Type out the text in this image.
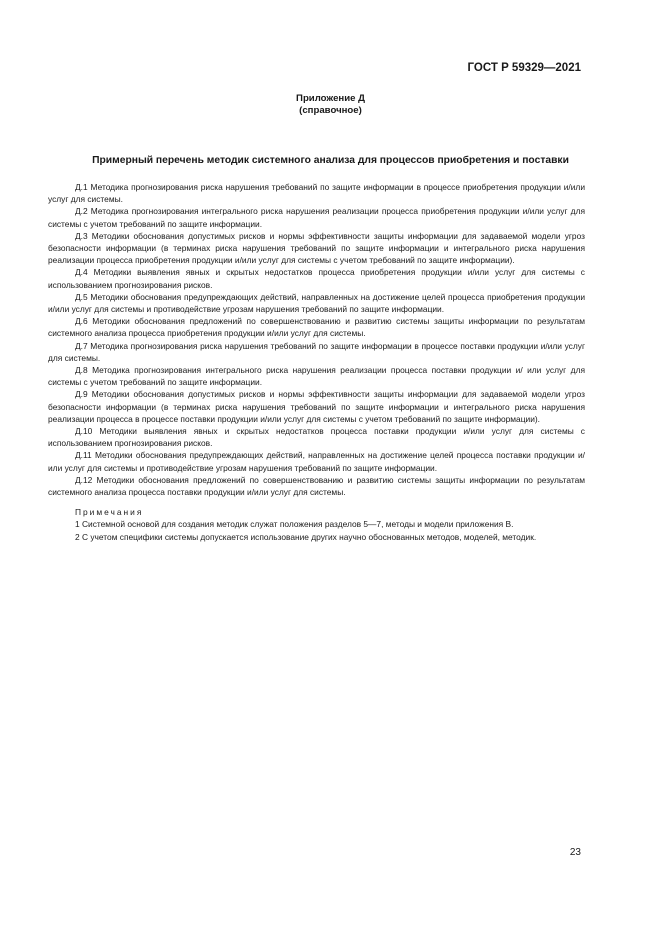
ГОСТ Р 59329—2021
Приложение Д
(справочное)
Примерный перечень методик системного анализа для процессов приобретения и поставки

Д.1 Методика прогнозирования риска нарушения требований по защите информации в процессе приобретения продукции и/или услуг для системы.

Д.2 Методика прогнозирования интегрального риска нарушения реализации процесса приобретения продукции и/или услуг для системы с учетом требований по защите информации.

Д.3 Методики обоснования допустимых рисков и нормы эффективности защиты информации для задаваемой модели угроз безопасности информации (в терминах риска нарушения требований по защите информации и интегрального риска нарушения реализации процесса приобретения продукции и/или услуг для системы с учетом требований по защите информации).

Д.4 Методики выявления явных и скрытых недостатков процесса приобретения продукции и/или услуг для системы с использованием прогнозирования рисков.

Д.5 Методики обоснования предупреждающих действий, направленных на достижение целей процесса приобретения продукции и/или услуг для системы и противодействие угрозам нарушения требований по защите информации.

Д.6 Методики обоснования предложений по совершенствованию и развитию системы защиты информации по результатам системного анализа процесса приобретения продукции и/или услуг для системы.

Д.7 Методика прогнозирования риска нарушения требований по защите информации в процессе поставки продукции и/или услуг для системы.

Д.8 Методика прогнозирования интегрального риска нарушения реализации процесса поставки продукции и/ или услуг для системы с учетом требований по защите информации.

Д.9 Методики обоснования допустимых рисков и нормы эффективности защиты информации для задаваемой модели угроз безопасности информации (в терминах риска нарушения требований по защите информации и интегрального риска нарушения реализации процесса в процессе поставки продукции и/или услуг для системы с учетом требований по защите информации).

Д.10 Методики выявления явных и скрытых недостатков процесса поставки продукции и/или услуг для системы с использованием прогнозирования рисков.

Д.11 Методики обоснования предупреждающих действий, направленных на достижение целей процесса поставки продукции и/или услуг для системы и противодействие угрозам нарушения требований по защите информации.

Д.12 Методики обоснования предложений по совершенствованию и развитию системы защиты информации по результатам системного анализа процесса поставки продукции и/или услуг для системы.

Примечания

1 Системной основой для создания методик служат положения разделов 5—7, методы и модели приложения В.

2 С учетом специфики системы допускается использование других научно обоснованных методов, моделей, методик.

23
